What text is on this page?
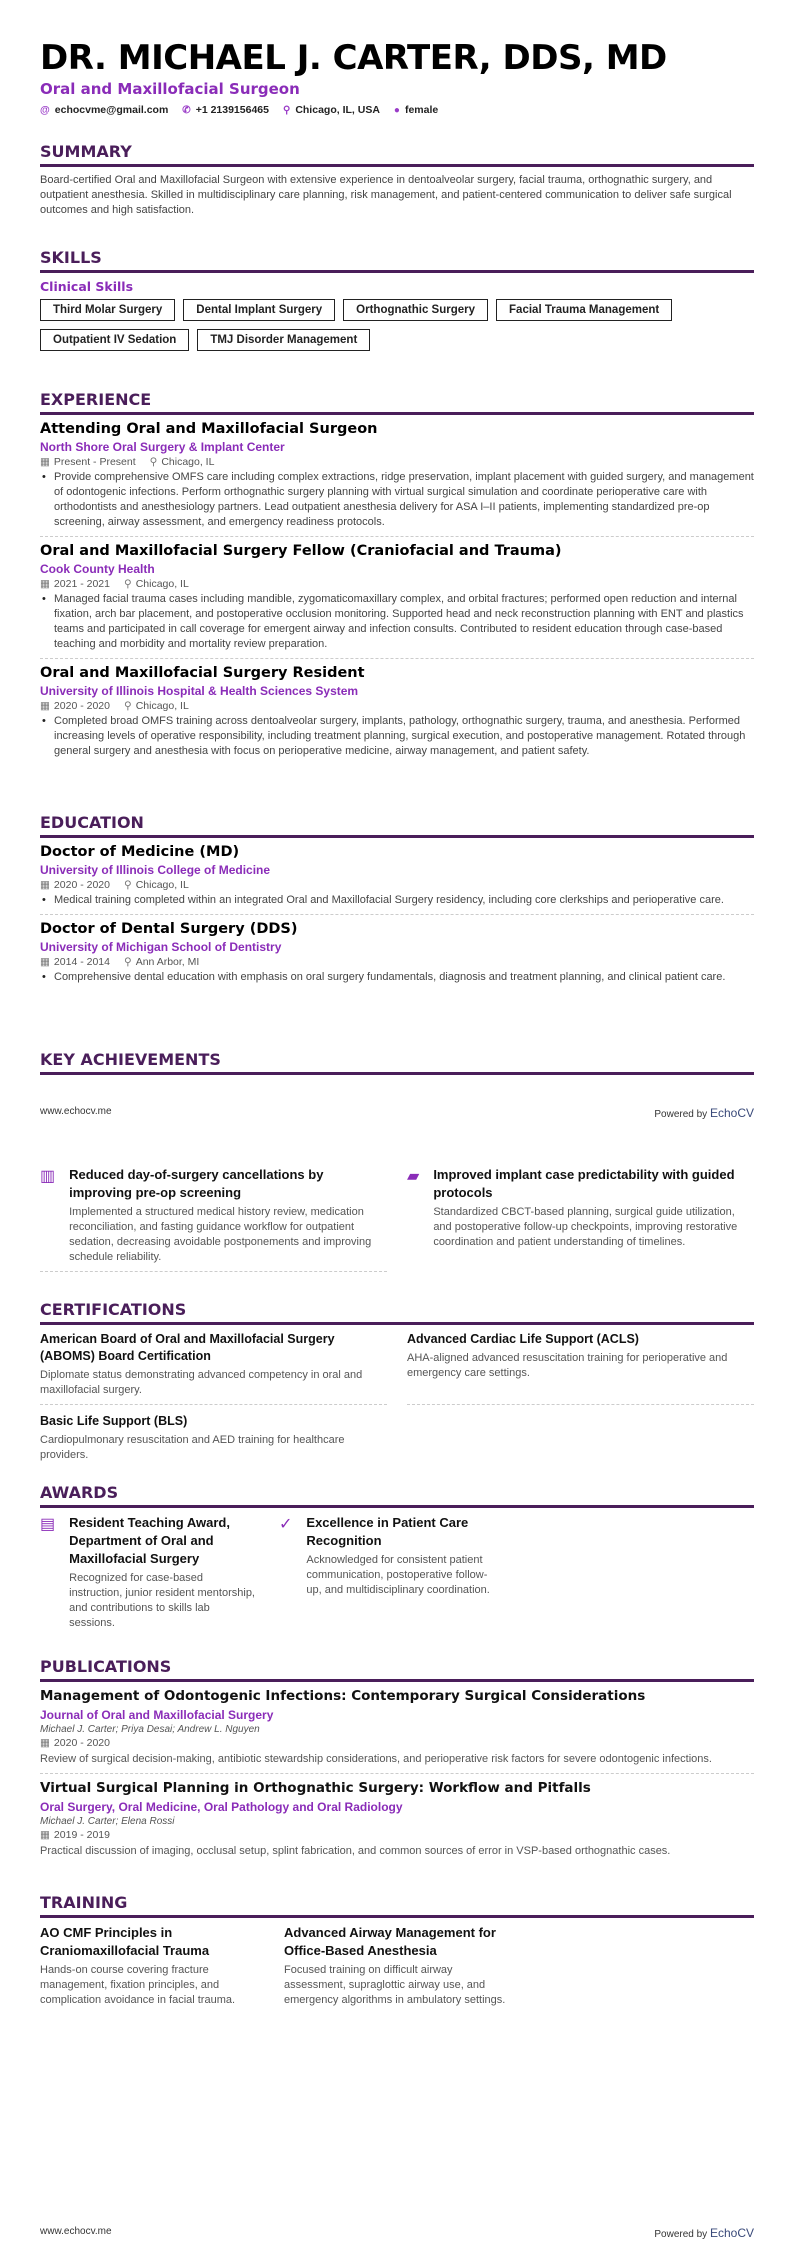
DR. MICHAEL J. CARTER, DDS, MD
Oral and Maxillofacial Surgeon
@ echocvme@gmail.com ✆ +1 2139156465 ⚲ Chicago, IL, USA ● female
SUMMARY
Board-certified Oral and Maxillofacial Surgeon with extensive experience in dentoalveolar surgery, facial trauma, orthognathic surgery, and outpatient anesthesia. Skilled in multidisciplinary care planning, risk management, and patient-centered communication to deliver safe surgical outcomes and high satisfaction.
SKILLS
Clinical Skills
Third Molar Surgery	Dental Implant Surgery	Orthognathic Surgery	Facial Trauma Management
Outpatient IV Sedation	TMJ Disorder Management
EXPERIENCE
Attending Oral and Maxillofacial Surgeon
North Shore Oral Surgery & Implant Center
▦ Present - Present ⚲ Chicago, IL
• Provide comprehensive OMFS care including complex extractions, ridge preservation, implant placement with guided surgery, and management of odontogenic infections. Perform orthognathic surgery planning with virtual surgical simulation and coordinate perioperative care with orthodontists and anesthesiology partners. Lead outpatient anesthesia delivery for ASA I–II patients, implementing standardized pre-op screening, airway assessment, and emergency readiness protocols.
Oral and Maxillofacial Surgery Fellow (Craniofacial and Trauma)
Cook County Health
▦ 2021 - 2021 ⚲ Chicago, IL
• Managed facial trauma cases including mandible, zygomaticomaxillary complex, and orbital fractures; performed open reduction and internal fixation, arch bar placement, and postoperative occlusion monitoring. Supported head and neck reconstruction planning with ENT and plastics teams and participated in call coverage for emergent airway and infection consults. Contributed to resident education through case-based teaching and morbidity and mortality review preparation.
Oral and Maxillofacial Surgery Resident
University of Illinois Hospital & Health Sciences System
▦ 2020 - 2020 ⚲ Chicago, IL
• Completed broad OMFS training across dentoalveolar surgery, implants, pathology, orthognathic surgery, trauma, and anesthesia. Performed increasing levels of operative responsibility, including treatment planning, surgical execution, and postoperative management. Rotated through general surgery and anesthesia with focus on perioperative medicine, airway management, and patient safety.
EDUCATION
Doctor of Medicine (MD)
University of Illinois College of Medicine
▦ 2020 - 2020 ⚲ Chicago, IL
• Medical training completed within an integrated Oral and Maxillofacial Surgery residency, including core clerkships and perioperative care.
Doctor of Dental Surgery (DDS)
University of Michigan School of Dentistry
▦ 2014 - 2014 ⚲ Ann Arbor, MI
• Comprehensive dental education with emphasis on oral surgery fundamentals, diagnosis and treatment planning, and clinical patient care.
KEY ACHIEVEMENTS
www.echocv.me	Powered by EchoCV
▥ Reduced day-of-surgery cancellations by improving pre-op screening
Implemented a structured medical history review, medication reconciliation, and fasting guidance workflow for outpatient sedation, decreasing avoidable postponements and improving schedule reliability.
▰ Improved implant case predictability with guided protocols
Standardized CBCT-based planning, surgical guide utilization, and postoperative follow-up checkpoints, improving restorative coordination and patient understanding of timelines.
CERTIFICATIONS
American Board of Oral and Maxillofacial Surgery (ABOMS) Board Certification
Diplomate status demonstrating advanced competency in oral and maxillofacial surgery.
Advanced Cardiac Life Support (ACLS)
AHA-aligned advanced resuscitation training for perioperative and emergency care settings.
Basic Life Support (BLS)
Cardiopulmonary resuscitation and AED training for healthcare providers.
AWARDS
▤ Resident Teaching Award, Department of Oral and Maxillofacial Surgery
Recognized for case-based instruction, junior resident mentorship, and contributions to skills lab sessions.
✓ Excellence in Patient Care Recognition
Acknowledged for consistent patient communication, postoperative follow-up, and multidisciplinary coordination.
PUBLICATIONS
Management of Odontogenic Infections: Contemporary Surgical Considerations
Journal of Oral and Maxillofacial Surgery
Michael J. Carter; Priya Desai; Andrew L. Nguyen
▦ 2020 - 2020
Review of surgical decision-making, antibiotic stewardship considerations, and perioperative risk factors for severe odontogenic infections.
Virtual Surgical Planning in Orthognathic Surgery: Workflow and Pitfalls
Oral Surgery, Oral Medicine, Oral Pathology and Oral Radiology
Michael J. Carter; Elena Rossi
▦ 2019 - 2019
Practical discussion of imaging, occlusal setup, splint fabrication, and common sources of error in VSP-based orthognathic cases.
TRAINING
AO CMF Principles in Craniomaxillofacial Trauma
Hands-on course covering fracture management, fixation principles, and complication avoidance in facial trauma.
Advanced Airway Management for Office-Based Anesthesia
Focused training on difficult airway assessment, supraglottic airway use, and emergency algorithms in ambulatory settings.
www.echocv.me	Powered by EchoCV
